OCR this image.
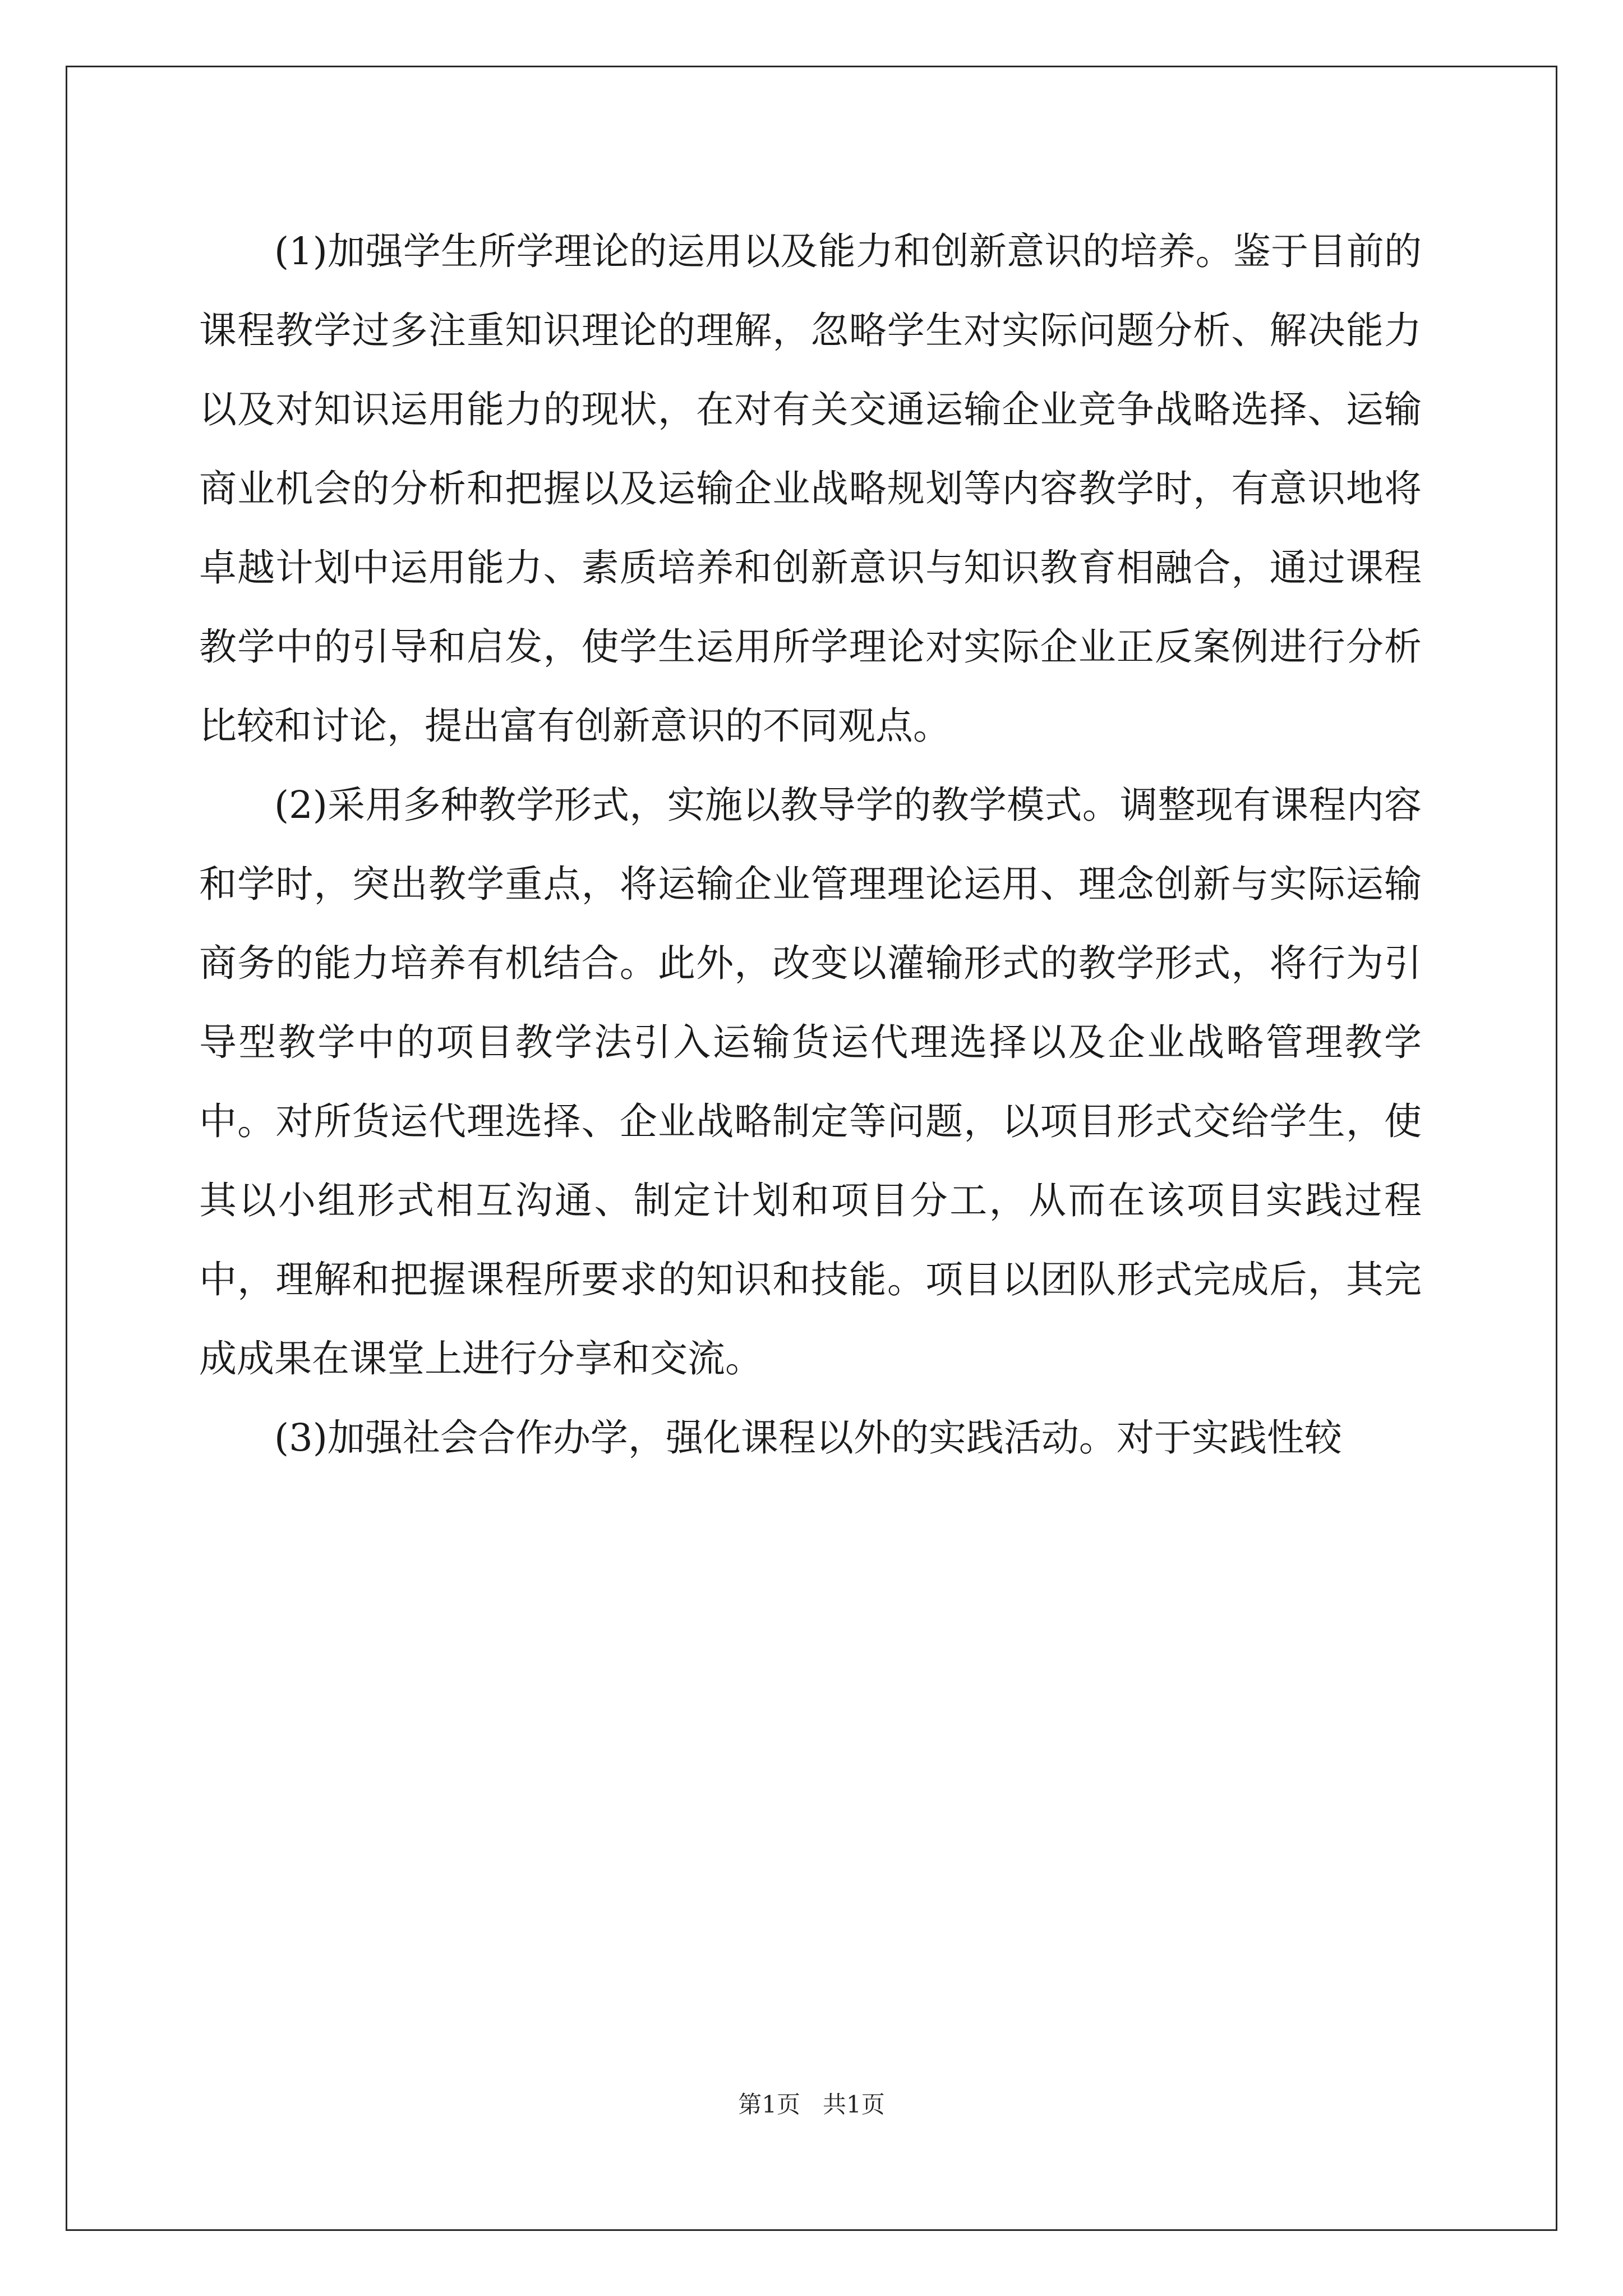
(1)加强学生所学理论的运用以及能力和创新意识的培养。鉴于目前的课程教学过多注重知识理论的理解，忽略学生对实际问题分析、解决能力以及对知识运用能力的现状，在对有关交通运输企业竞争战略选择、运输商业机会的分析和把握以及运输企业战略规划等内容教学时，有意识地将卓越计划中运用能力、素质培养和创新意识与知识教育相融合，通过课程教学中的引导和启发，使学生运用所学理论对实际企业正反案例进行分析比较和讨论，提出富有创新意识的不同观点。

(2)采用多种教学形式，实施以教导学的教学模式。调整现有课程内容和学时，突出教学重点，将运输企业管理理论运用、理念创新与实际运输商务的能力培养有机结合。此外，改变以灌输形式的教学形式，将行为引导型教学中的项目教学法引入运输货运代理选择以及企业战略管理教学中。对所货运代理选择、企业战略制定等问题，以项目形式交给学生，使其以小组形式相互沟通、制定计划和项目分工，从而在该项目实践过程中，理解和把握课程所要求的知识和技能。项目以团队形式完成后，其完成成果在课堂上进行分享和交流。

(3)加强社会合作办学，强化课程以外的实践活动。对于实践性较

第1页 共1页
